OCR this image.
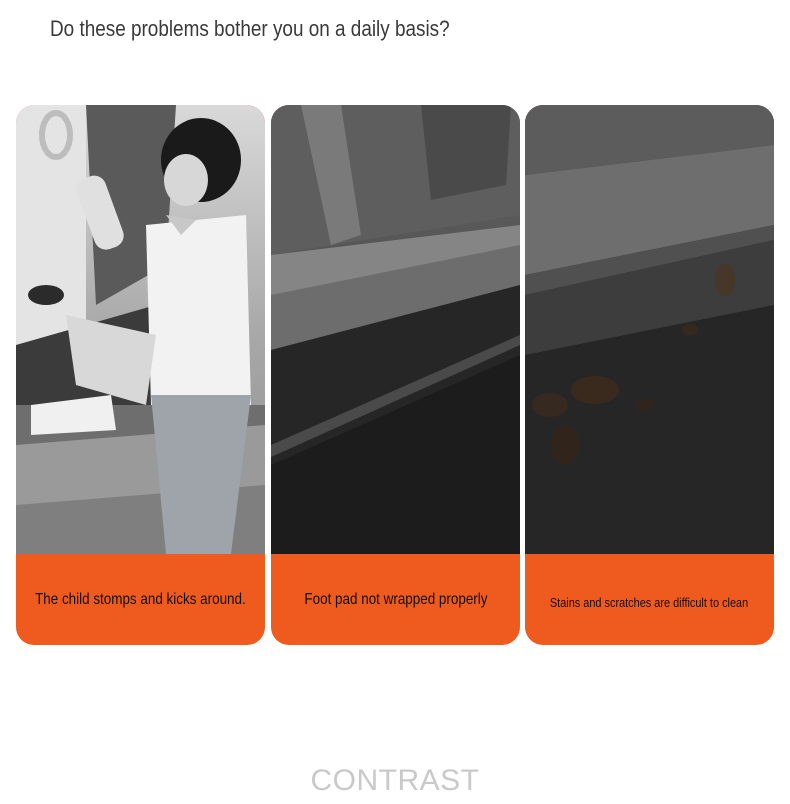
Do these problems bother you on a daily basis?
The child stomps and kicks around.	Foot pad not wrapped properly	Stains and scratches are difficult to clean
CONTRAST
